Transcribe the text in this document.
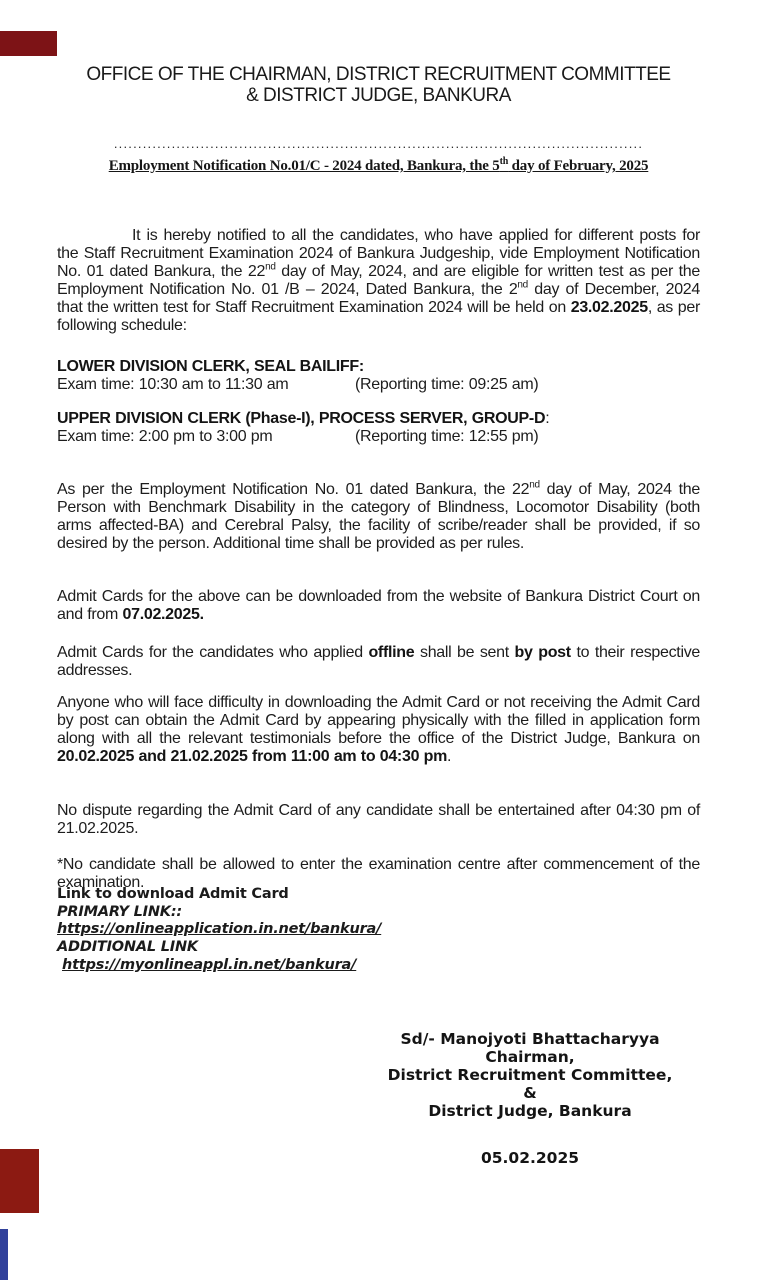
OFFICE OF THE CHAIRMAN, DISTRICT RECRUITMENT COMMITTEE
& DISTRICT JUDGE, BANKURA
..............................................................................................................
Employment Notification No.01/C - 2024 dated, Bankura, the 5th day of February, 2025

It is hereby notified to all the candidates, who have applied for different posts for the Staff Recruitment Examination 2024 of Bankura Judgeship, vide Employment Notification No. 01 dated Bankura, the 22nd day of May, 2024, and are eligible for written test as per the Employment Notification No. 01 /B – 2024, Dated Bankura, the 2nd day of December, 2024 that the written test for Staff Recruitment Examination 2024 will be held on 23.02.2025, as per following schedule:

LOWER DIVISION CLERK, SEAL BAILIFF:
Exam time: 10:30 am to 11:30 am	(Reporting time: 09:25 am)
UPPER DIVISION CLERK (Phase-I), PROCESS SERVER, GROUP-D:
Exam time: 2:00 pm to 3:00 pm	(Reporting time: 12:55 pm)

As per the Employment Notification No. 01 dated Bankura, the 22nd day of May, 2024 the Person with Benchmark Disability in the category of Blindness, Locomotor Disability (both arms affected-BA) and Cerebral Palsy, the facility of scribe/reader shall be provided, if so desired by the person. Additional time shall be provided as per rules.

Admit Cards for the above can be downloaded from the website of Bankura District Court on and from 07.02.2025.

Admit Cards for the candidates who applied offline shall be sent by post to their respective addresses.

Anyone who will face difficulty in downloading the Admit Card or not receiving the Admit Card by post can obtain the Admit Card by appearing physically with the filled in application form along with all the relevant testimonials before the office of the District Judge, Bankura on 20.02.2025 and 21.02.2025 from 11:00 am to 04:30 pm.

No dispute regarding the Admit Card of any candidate shall be entertained after 04:30 pm of 21.02.2025.

*No candidate shall be allowed to enter the examination centre after commencement of the examination.

Link to download Admit Card
PRIMARY LINK::
https://onlineapplication.in.net/bankura/
ADDITIONAL LINK
https://myonlineappl.in.net/bankura/
Sd/- Manojyoti Bhattacharyya
Chairman,
District Recruitment Committee,
&
District Judge, Bankura
05.02.2025
